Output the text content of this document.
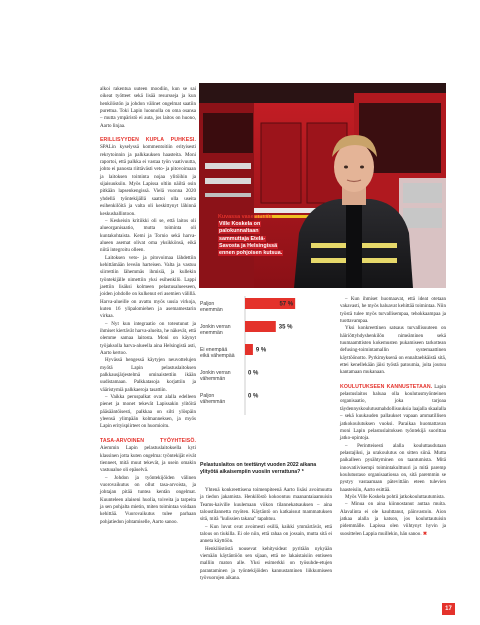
alkoi rakentua uuteen moodiin, kun se sai oikeat työtteet sekä lisää resursseja ja kun henkilöstön ja johdon välinet ongelmat saatiin purettua. Toki Lapin luonnolla on oma osansa – mutta ympäristö ei auta, jos laitos on huono, Aarto linjaa.

ERILLISYYDEN KUPLA PUHKESI. SPALin kyselyssä kommentoitiin erityisesti rekrytoinnin ja palkkauksen haasteita. Moni raportoi, että palkka ei vastaa työn vaativuutta, johto ei panosta riittävästi veto- ja pitovoimaan ja laitoksen toiminta nojaa ylitöihin ja sijaisuuksiin. Myös Lapissa oltiin näiltä osin pitkään lapsenkengissä. Vielä vuonna 2020 yhdellä työntekijällä saattoi olla useita esihenkilöitä ja valta oli keskittynyt lähinnä keskushallintoon.

– Keskeisin kritiikki oli se, että laitos oli alueorganisaatio, mutta toiminta oli kuntakohtaista. Kemi ja Tornio sekä harva-alueen asemat olivat oma yksikkönsä, eikä niitä integroitu olleen.

Laitoksen veto- ja pitovoimaa lähdettiin kehittämään leveän harteisen. Valta ja vastuu siirrettiin lähemmäs ihmisiä, ja kullekin työntekijälle nimettiin yksi esihenkilö. Lappi jaettiin lisäksi kolmeen pelastusalueeseen, joiden johdolle on kulkenut eri asemien välillä. Harva-alueille on avattu myös uusia virkoja, kuten 16 ylipalomiehen ja asemamestarin virkaa.

– Nyt kun integraatio on toteutunut ja ihmiset kiertävät harva-alueita, he näkevät, että olemme samaa laitosta. Moni on käynyt työjaksolla harva-alueella aina Helsingistä asti, Aarto kertoo.

Hyvässä hengessä käytyjen neuvottelujen myötä Lapin pelastuslaitoksen palkkausjärjestelmä ominaistettiin ikään uudistamaan. Palkkatasoja korjattiin ja vääristymiä palkkaeroja tasattiin.

– Vaikka peruspalkat ovat alalla edelleen pienet ja monet tekevät Lapissakin ylitöitä pääsääntöisesti, palkkaa on silti ylöspäin yleensä ylimpään kolmanneksen, ja myös Lapin erityispiirteet on huomioitu.

TASA-ARVOINEN TYÖYHTEISÖ. Aiemmin Lapin pelastuslaitoksella kyti klassinen jotta kuten ongelma: työntekijät eivät tienneet, mitä muut tekevät, ja usein omakin vastuualue oli epäselvä.

– Johdon ja työntekijöiden välinen vuorovaikutus on ollut tasa-arvoista, ja johtajan pitää tuntea kentän ongelmat. Kuunteleen alaiseni huolia, toiveita ja tarpeita ja sen pohjalta mietin, miten toimintaa voidaan kehittää. Vuorovaikutus tulee parhaan pohjatiedon johtamiselle, Aarto sanoo.

Kuvassa vasemmalla
Ville Koskela on palokunnaltaan sammuttaja Etelä-Savosta ja Helsingissä ennen pohjoisen kutsua.
Paljon enemmän
57 %
Jonkin verran enemmän
35 %
Ei enempää eikä vähempää
9 %
Jonkin verran vähemmän
0 %
Paljon vähemmän
0 %
Pelastuslaitos on teettänyt vuoden 2022 aikana ylityötä aikaisempiin vuosiin verrattuna? *

Yhtenä konkreettisena toimenpiteenä Aarto lisäsi avoimuutta ja tiedon jakamista. Henkilöstö kokoontuu maanantaiaamuisin Teams-kaiville kuulemaan viikon tilannekatsauksen – aina taloustilannetta myöten. Käytäntö on katkaissut mammatuksen sitä, mitä "kulissien takana" tapahtuu.

– Kun luvut ovat avoimesti esillä, kaikki ymmärtävät, että talous on tiukilla. Ei ole niin, että rahaa on jossain, mutta sitä ei anneta käyttöön.

Henkilöstöstä nousevat kehitysideat pyritään nykyään viemään käytäntöön sen sijaan, että ne lakaistaisiin entiseen malliin maton alle. Yksi esimerkki on työsuhde-etujen parantaminen ja työntekijöiden kannustaminen liikkumiseen työvuorojen aikana.

– Kun ihmiset huomaavat, että ideat otetaan vakavasti, he myös haluavat kehittää toimintaa. Niin työstä tulee myös turvallisempaa, tehokkaampaa ja tuottavampaa.

Yksi konkreettinen satsaus turvallisuuteen on häiriöttyhdyshenkilön nimeäminen sekä tuumaamttisten kokemusten pukamiseen tarkottean defusing-toimintamallin systemaattinen käyttöönotto. Pyrkimyksenä on ennaltaehkäistä sitä, ettei kenellekään jäisi työstä patoumia, joita joutuu kantamaan mukanaan.

KOULUTUKSEEN KANNUSTETAAN. Lapin pelastuslaitos haluaa olla koulutusmyönteinen organisaatio, joka tarjoaa täydennyskoulutusmahdollisuuksia laajalla skaalalla – sekä kuukauden pallaukset vapaan ammatillisen jatkokoulutuksen vuoksi. Paraikaa huomattavan moni Lapin pelastuslaitoksen työntekijä suorittaa jatko-opintoja.

– Perintteisesti alalla kouluttaudutaan pelastajiksi, ja urakoulutus on sitten siinä. Mutta paikalleen pysähtyminen on taantumista. Mitä innovatiivisempi toimintakulttuuri ja mitä paremp koulutustaso organisaatiossa on, sitä paremmin se pystyy vastaamaan pätevittäin eteen tulevien haasteisiin, Aarto esittää.

Myös Ville Koskela pohtii jatkokouluttautumista.

– Minua on aina kiinnostanut auttaa muita. Alavalinta ei ole kauhttanut, päinvastoin. Aion jatkaa alalla ja katson, jos kouluttautuisin pidemmälle. Lapissa olen viihtynyt hyvin ja suosittelen Lappia muillekin, hän sanoo. ✖

17
